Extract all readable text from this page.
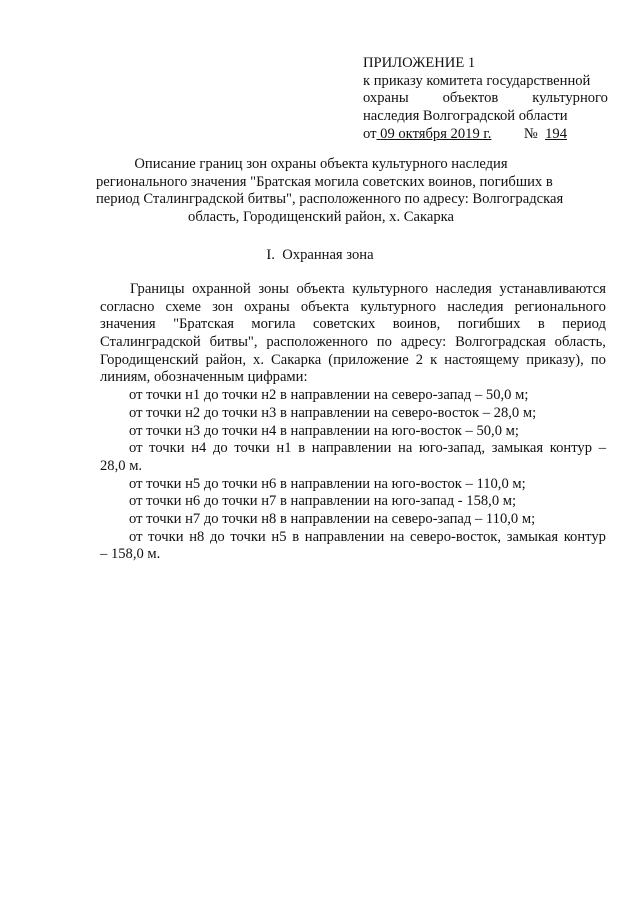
ПРИЛОЖЕНИЕ 1
к приказу комитета государственной
охраны объектов культурного
наследия Волгоградской области
от 09 октября 2019 г. № 194
Описание границ зон охраны объекта культурного наследия
регионального значения "Братская могила советских воинов, погибших в
период Сталинградской битвы", расположенного по адресу: Волгоградская
область, Городищенский район, х. Сакарка
I.  Охранная зона
Границы охранной зоны объекта культурного наследия устанавливаются
согласно схеме зон охраны объекта культурного наследия регионального
значения "Братская могила советских воинов, погибших в период
Сталинградской битвы", расположенного по адресу: Волгоградская область,
Городищенский район, х. Сакарка (приложение 2 к настоящему приказу), по
линиям, обозначенным цифрами:
от точки н1 до точки н2 в направлении на северо-запад – 50,0 м;
от точки н2 до точки н3 в направлении на северо-восток – 28,0 м;
от точки н3 до точки н4 в направлении на юго-восток – 50,0 м;
от точки н4 до точки н1 в направлении на юго-запад, замыкая контур –
28,0 м.
от точки н5 до точки н6 в направлении на юго-восток – 110,0 м;
от точки н6 до точки н7 в направлении на юго-запад - 158,0 м;
от точки н7 до точки н8 в направлении на северо-запад – 110,0 м;
от точки н8 до точки н5 в направлении на северо-восток, замыкая контур
– 158,0 м.
